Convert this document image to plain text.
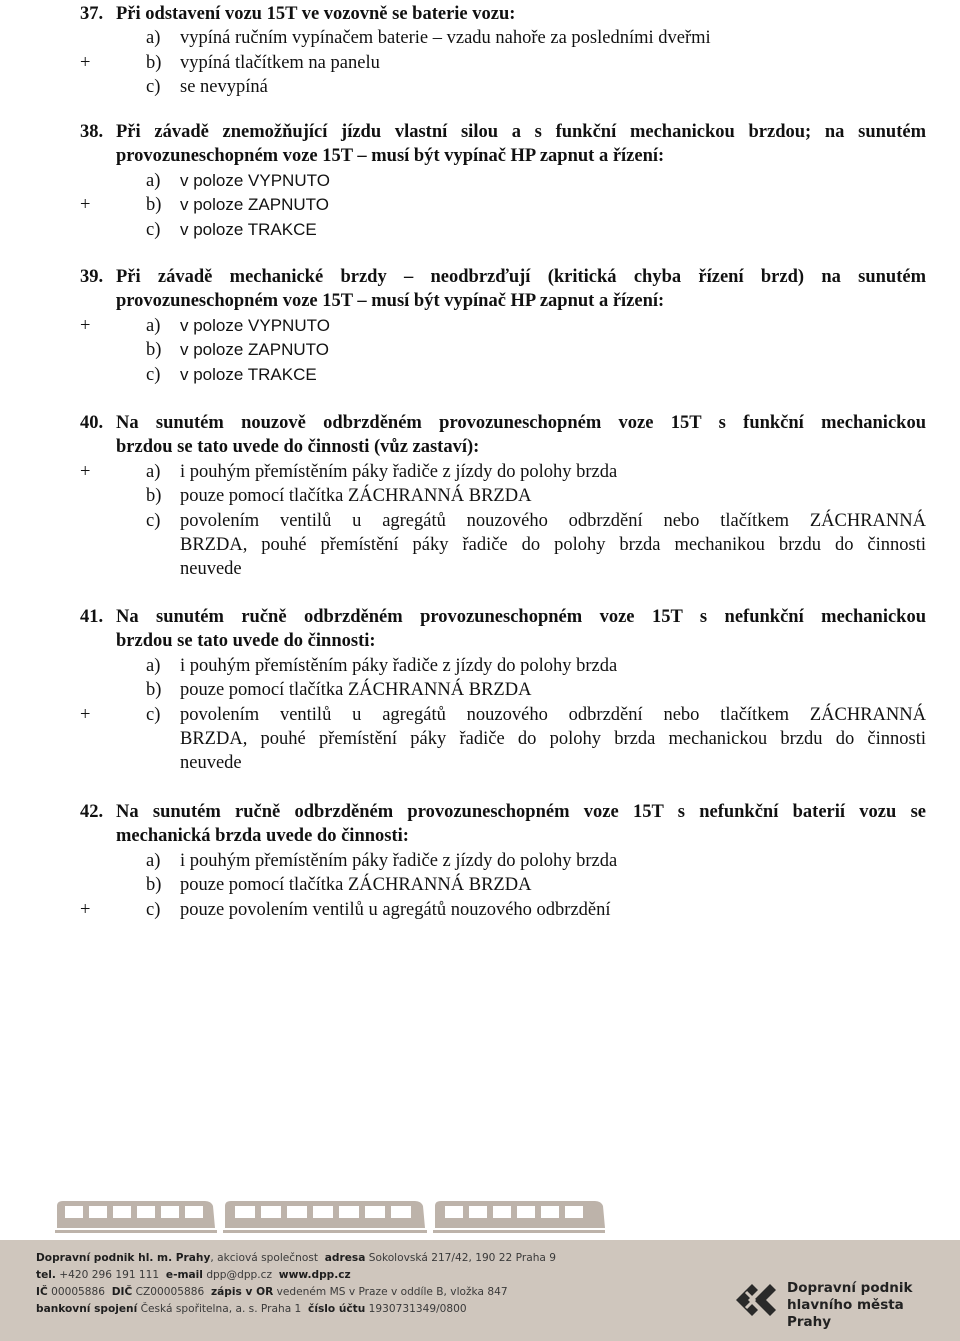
37. Při odstavení vozu 15T ve vozovně se baterie vozu:
a)	vypíná ručním vypínačem baterie – vzadu nahoře za posledními dveřmi
+	b)	vypíná tlačítkem na panelu
c)	se nevypíná
38. Při závadě znemožňující jízdu vlastní silou a s funkční mechanickou brzdou; na sunutém
provozuneschopném voze 15T – musí být vypínač HP zapnut a řízení:
a)	v poloze VYPNUTO
+	b)	v poloze ZAPNUTO
c)	v poloze TRAKCE
39. Při závadě mechanické brzdy – neodbrzďují (kritická chyba řízení brzd) na sunutém
provozuneschopném voze 15T – musí být vypínač HP zapnut a řízení:
+	a)	v poloze VYPNUTO
b)	v poloze ZAPNUTO
c)	v poloze TRAKCE
40. Na sunutém nouzově odbrzděném provozuneschopném voze 15T s funkční mechanickou
brzdou se tato uvede do činnosti (vůz zastaví):
+	a)	i pouhým přemístěním páky řadiče z jízdy do polohy brzda
b)	pouze pomocí tlačítka ZÁCHRANNÁ BRZDA
c)	povolením ventilů u agregátů nouzového odbrzdění nebo tlačítkem ZÁCHRANNÁ
BRZDA, pouhé přemístění páky řadiče do polohy brzda mechanikou brzdu do činnosti
neuvede
41. Na sunutém ručně odbrzděném provozuneschopném voze 15T s nefunkční mechanickou
brzdou se tato uvede do činnosti:
a)	i pouhým přemístěním páky řadiče z jízdy do polohy brzda
b)	pouze pomocí tlačítka ZÁCHRANNÁ BRZDA
+	c)	povolením ventilů u agregátů nouzového odbrzdění nebo tlačítkem ZÁCHRANNÁ
BRZDA, pouhé přemístění páky řadiče do polohy brzda mechanickou brzdu do činnosti
neuvede
42. Na sunutém ručně odbrzděném provozuneschopném voze 15T s nefunkční baterií vozu se
mechanická brzda uvede do činnosti:
a)	i pouhým přemístěním páky řadiče z jízdy do polohy brzda
b)	pouze pomocí tlačítka ZÁCHRANNÁ BRZDA
+	c)	pouze povolením ventilů u agregátů nouzového odbrzdění
Dopravní podnik hl. m. Prahy, akciová společnost adresa Sokolovská 217/42, 190 22 Praha 9
tel. +420 296 191 111 e-mail dpp@dpp.cz www.dpp.cz
IČ 00005886 DIČ CZ00005886 zápis v OR vedeném MS v Praze v oddíle B, vložka 847
bankovní spojení Česká spořitelna, a. s. Praha 1 číslo účtu 1930731349/0800
Dopravní podnik
hlavního města Prahy
